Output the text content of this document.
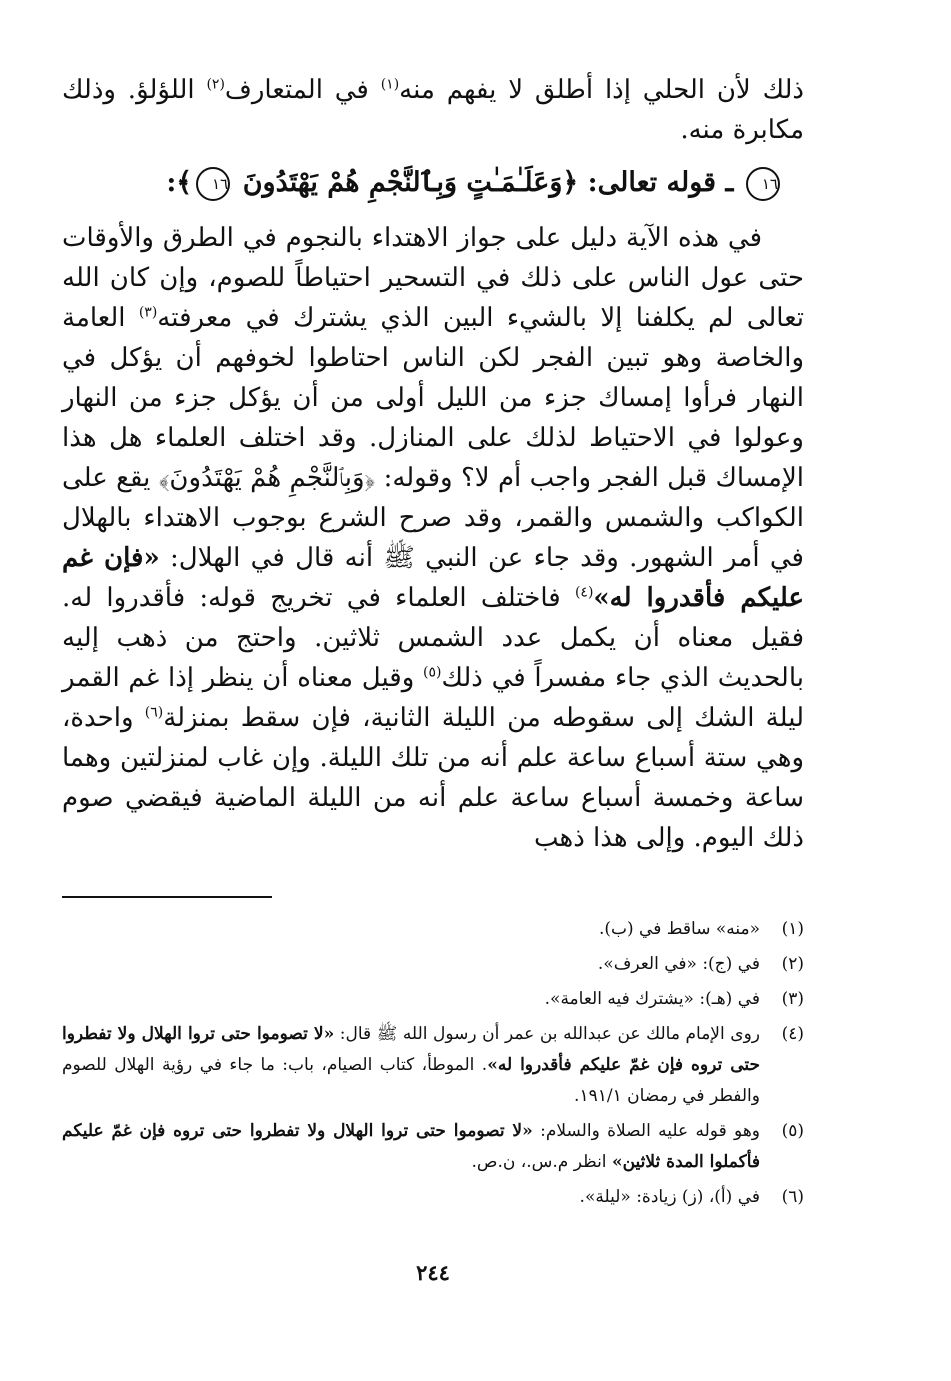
ذلك لأن الحلي إذا أطلق لا يفهم منه$^{(١)}$ في المتعارف$^{(٢)}$ اللؤلؤ. وذلك مكابرة منه.

١٦ ـ قوله تعالى: ﴿وَعَلَـٰمَـٰتٍ وَبِٱلنَّجْمِ هُمْ يَهْتَدُونَ ١٦﴾:

في هذه الآية دليل على جواز الاهتداء بالنجوم في الطرق والأوقات حتى عول الناس على ذلك في التسحير احتياطاً للصوم، وإن كان الله تعالى لم يكلفنا إلا بالشيء البين الذي يشترك في معرفته$^{(٣)}$ العامة والخاصة وهو تبين الفجر لكن الناس احتاطوا لخوفهم أن يؤكل في النهار فرأوا إمساك جزء من الليل أولى من أن يؤكل جزء من النهار وعولوا في الاحتياط لذلك على المنازل. وقد اختلف العلماء هل هذا الإمساك قبل الفجر واجب أم لا؟ وقوله: ﴿وَبِٱلنَّجْمِ هُمْ يَهْتَدُونَ﴾ يقع على الكواكب والشمس والقمر، وقد صرح الشرع بوجوب الاهتداء بالهلال في أمر الشهور. وقد جاء عن النبي ﷺ أنه قال في الهلال: «فإن غم عليكم فأقدروا له»$^{(٤)}$ فاختلف العلماء في تخريج قوله: فأقدروا له. فقيل معناه أن يكمل عدد الشمس ثلاثين. واحتج من ذهب إليه بالحديث الذي جاء مفسراً في ذلك$^{(٥)}$ وقيل معناه أن ينظر إذا غم القمر ليلة الشك إلى سقوطه من الليلة الثانية، فإن سقط بمنزلة$^{(٦)}$ واحدة، وهي ستة أسباع ساعة علم أنه من تلك الليلة. وإن غاب لمنزلتين وهما ساعة وخمسة أسباع ساعة علم أنه من الليلة الماضية فيقضي صوم ذلك اليوم. وإلى هذا ذهب

(١)
«منه» ساقط في (ب).
(٢)
في (ج): «في العرف».
(٣)
في (هـ): «يشترك فيه العامة».
(٤)
روى الإمام مالك عن عبدالله بن عمر أن رسول الله ﷺ قال: «لا تصوموا حتى تروا الهلال ولا تفطروا حتى تروه فإن غمّ عليكم فأقدروا له». الموطأ، كتاب الصيام، باب: ما جاء في رؤية الهلال للصوم والفطر في رمضان ١٩١/١.
(٥)
وهو قوله عليه الصلاة والسلام: «لا تصوموا حتى تروا الهلال ولا تفطروا حتى تروه فإن غمّ عليكم فأكملوا المدة ثلاثين» انظر م.س.، ن.ص.
(٦)
في (أ)، (ز) زيادة: «ليلة».
٢٤٤
